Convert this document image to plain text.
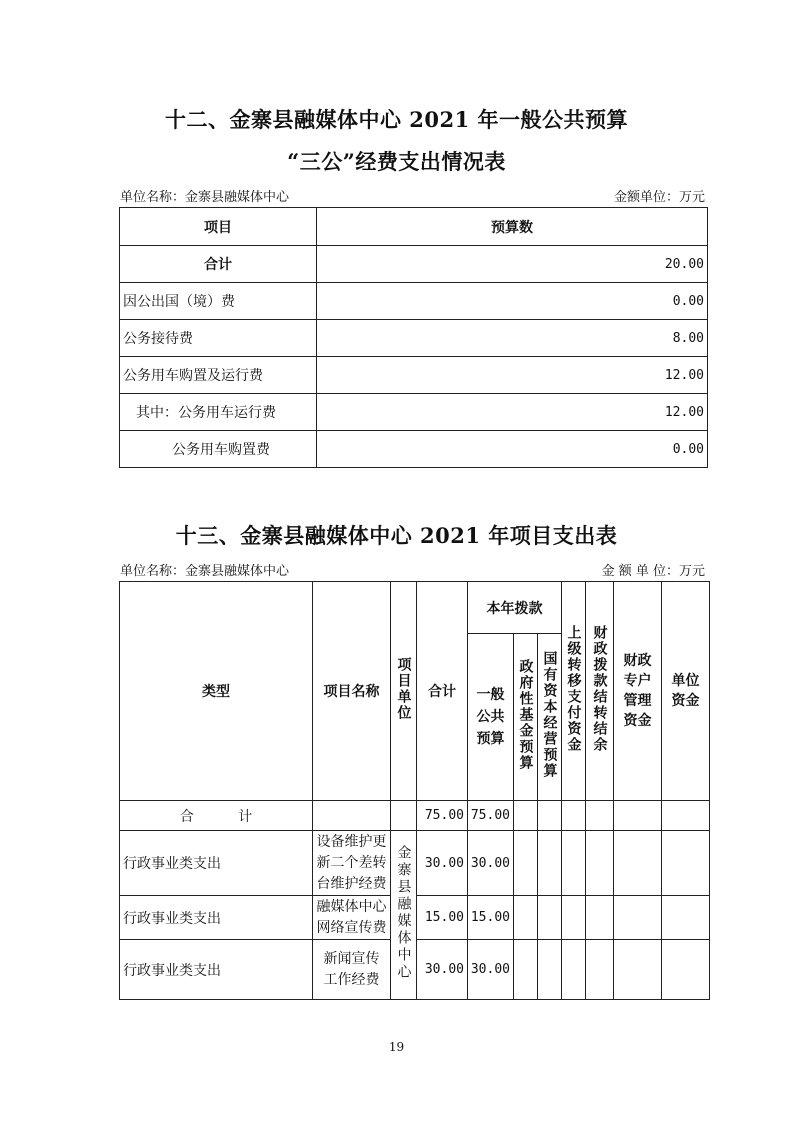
十二、金寨县融媒体中心 2021 年一般公共预算
“三公”经费支出情况表
单位名称：金寨县融媒体中心	金额单位：万元
项目	预算数
合计	20.00
因公出国（境）费	0.00
公务接待费	8.00
公务用车购置及运行费	12.00
其中：公务用车运行费	12.00
公务用车购置费	0.00
十三、金寨县融媒体中心 2021 年项目支出表
单位名称：金寨县融媒体中心	金 额 单 位：万元
类型	项目名称	项目单位	合计	本年拨款			上级转移支付资金	财政拨款结转结余	财政专户管理资金	单位资金
				一般公共预算	政府性基金预算	国有资本经营预算				
合 计			75.00	75.00						
行政事业类支出	设备维护更新二个差转台维护经费	金寨县融媒体中心	30.00	30.00						
行政事业类支出	融媒体中心网络宣传费		15.00	15.00						
行政事业类支出	新闻宣传工作经费		30.00	30.00						
19
